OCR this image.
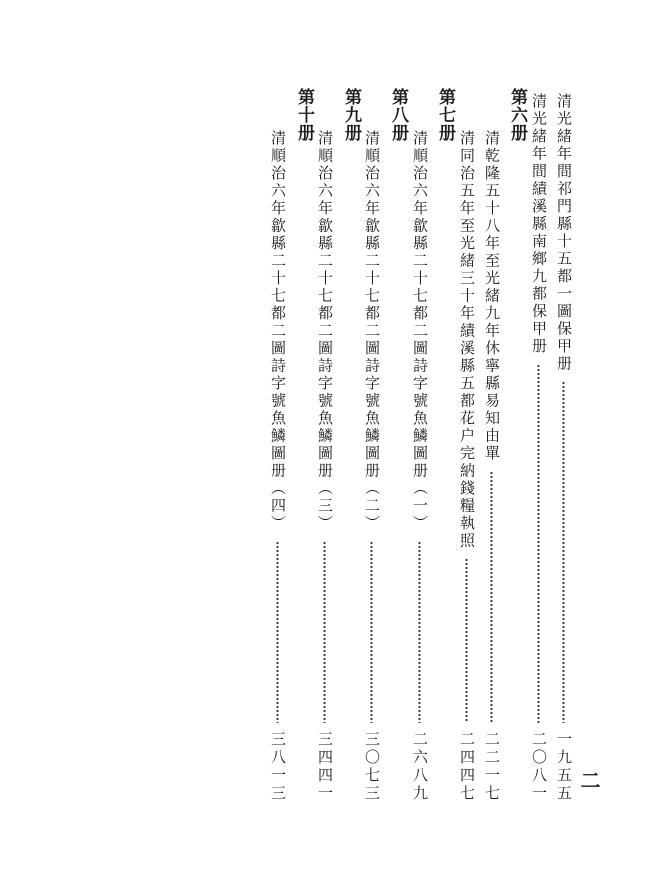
二
清光緒年間祁門縣十五都一圖保甲册
一九五五
清光緒年間績溪縣南鄉九都保甲册
二〇八一
第六册
清乾隆五十八年至光緒九年休寧縣易知由單
二二一七
清同治五年至光緒三十年績溪縣五都花户完納錢糧執照
二四四七
第七册
清順治六年歙縣二十七都二圖詩字號魚鱗圖册（一）
二六八九
第八册
清順治六年歙縣二十七都二圖詩字號魚鱗圖册（二）
三〇七三
第九册
清順治六年歙縣二十七都二圖詩字號魚鱗圖册（三）
三四四一
第十册
清順治六年歙縣二十七都二圖詩字號魚鱗圖册（四）
三八一三
